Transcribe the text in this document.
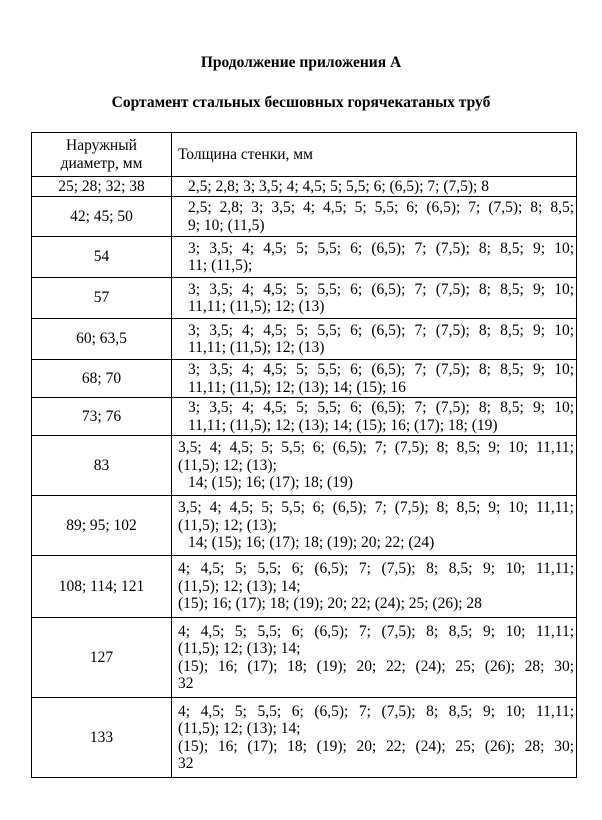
Продолжение приложения А
Сортамент стальных бесшовных горячекатаных труб
Наружный
диаметр, мм	Толщина стенки, мм
25; 28; 32; 38	2,5; 2,8; 3; 3,5; 4; 4,5; 5; 5,5; 6; (6,5); 7; (7,5); 8

42; 45; 50	2,5; 2,8; 3; 3,5; 4; 4,5; 5; 5,5; 6; (6,5); 7; (7,5); 8; 8,5;
9; 10; (11,5)

54	3; 3,5; 4; 4,5; 5; 5,5; 6; (6,5); 7; (7,5); 8; 8,5; 9; 10;
11; (11,5);

57	3; 3,5; 4; 4,5; 5; 5,5; 6; (6,5); 7; (7,5); 8; 8,5; 9; 10;
11,11; (11,5); 12; (13)

60; 63,5	3; 3,5; 4; 4,5; 5; 5,5; 6; (6,5); 7; (7,5); 8; 8,5; 9; 10;
11,11; (11,5); 12; (13)

68; 70	3; 3,5; 4; 4,5; 5; 5,5; 6; (6,5); 7; (7,5); 8; 8,5; 9; 10;
11,11; (11,5); 12; (13); 14; (15); 16

73; 76	3; 3,5; 4; 4,5; 5; 5,5; 6; (6,5); 7; (7,5); 8; 8,5; 9; 10;
11,11; (11,5); 12; (13); 14; (15); 16; (17); 18; (19)

83	3,5; 4; 4,5; 5; 5,5; 6; (6,5); 7; (7,5); 8; 8,5; 9; 10; 11,11;
(11,5); 12; (13);
14; (15); 16; (17); 18; (19)

89; 95; 102	3,5; 4; 4,5; 5; 5,5; 6; (6,5); 7; (7,5); 8; 8,5; 9; 10; 11,11;
(11,5); 12; (13);
14; (15); 16; (17); 18; (19); 20; 22; (24)

108; 114; 121	4; 4,5; 5; 5,5; 6; (6,5); 7; (7,5); 8; 8,5; 9; 10; 11,11;
(11,5); 12; (13); 14;
(15); 16; (17); 18; (19); 20; 22; (24); 25; (26); 28

127	4; 4,5; 5; 5,5; 6; (6,5); 7; (7,5); 8; 8,5; 9; 10; 11,11;
(11,5); 12; (13); 14;
(15); 16; (17); 18; (19); 20; 22; (24); 25; (26); 28; 30;
32

133	4; 4,5; 5; 5,5; 6; (6,5); 7; (7,5); 8; 8,5; 9; 10; 11,11;
(11,5); 12; (13); 14;
(15); 16; (17); 18; (19); 20; 22; (24); 25; (26); 28; 30;
32
